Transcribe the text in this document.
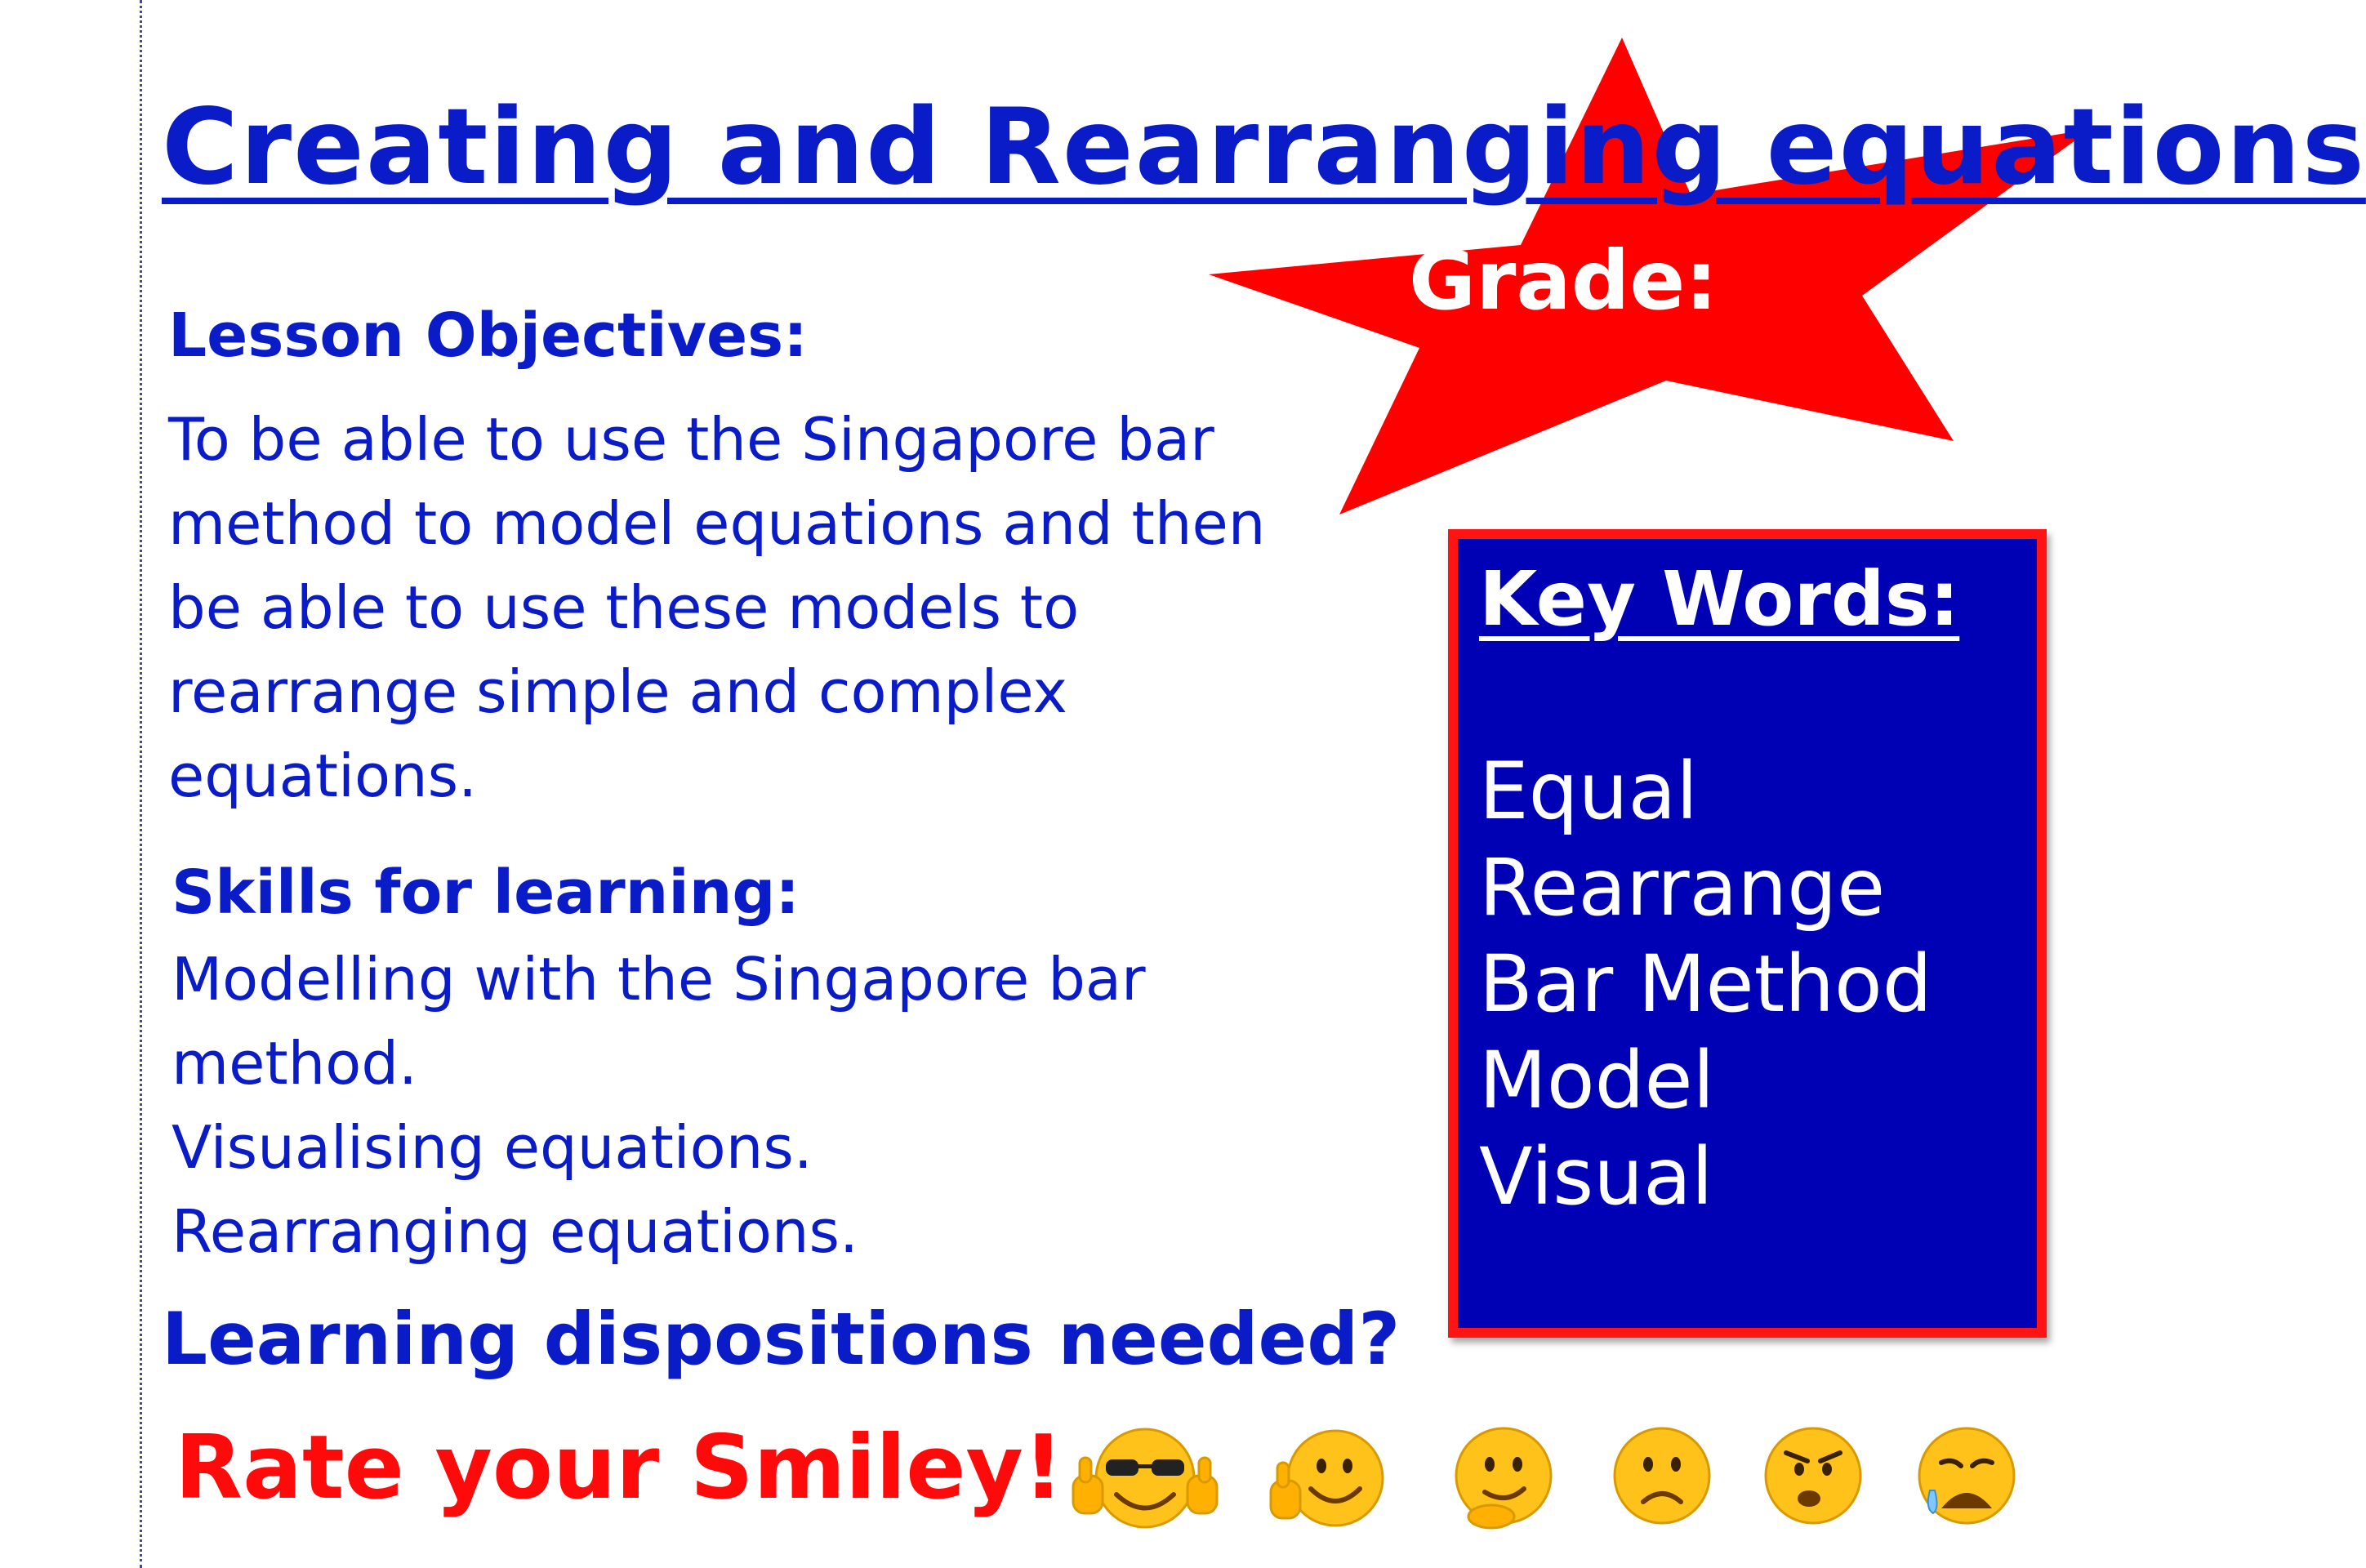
Creating and Rearranging equations
Grade:
Lesson Objectives:
To be able to use the Singapore bar
method to model equations and then
be able to use these models to
rearrange simple and complex
equations.
Skills for learning:
Modelling with the Singapore bar
method.
Visualising equations.
Rearranging equations.
Learning dispositions needed?
Rate your Smiley!
Key Words:
Equal
Rearrange
Bar Method
Model
Visual
